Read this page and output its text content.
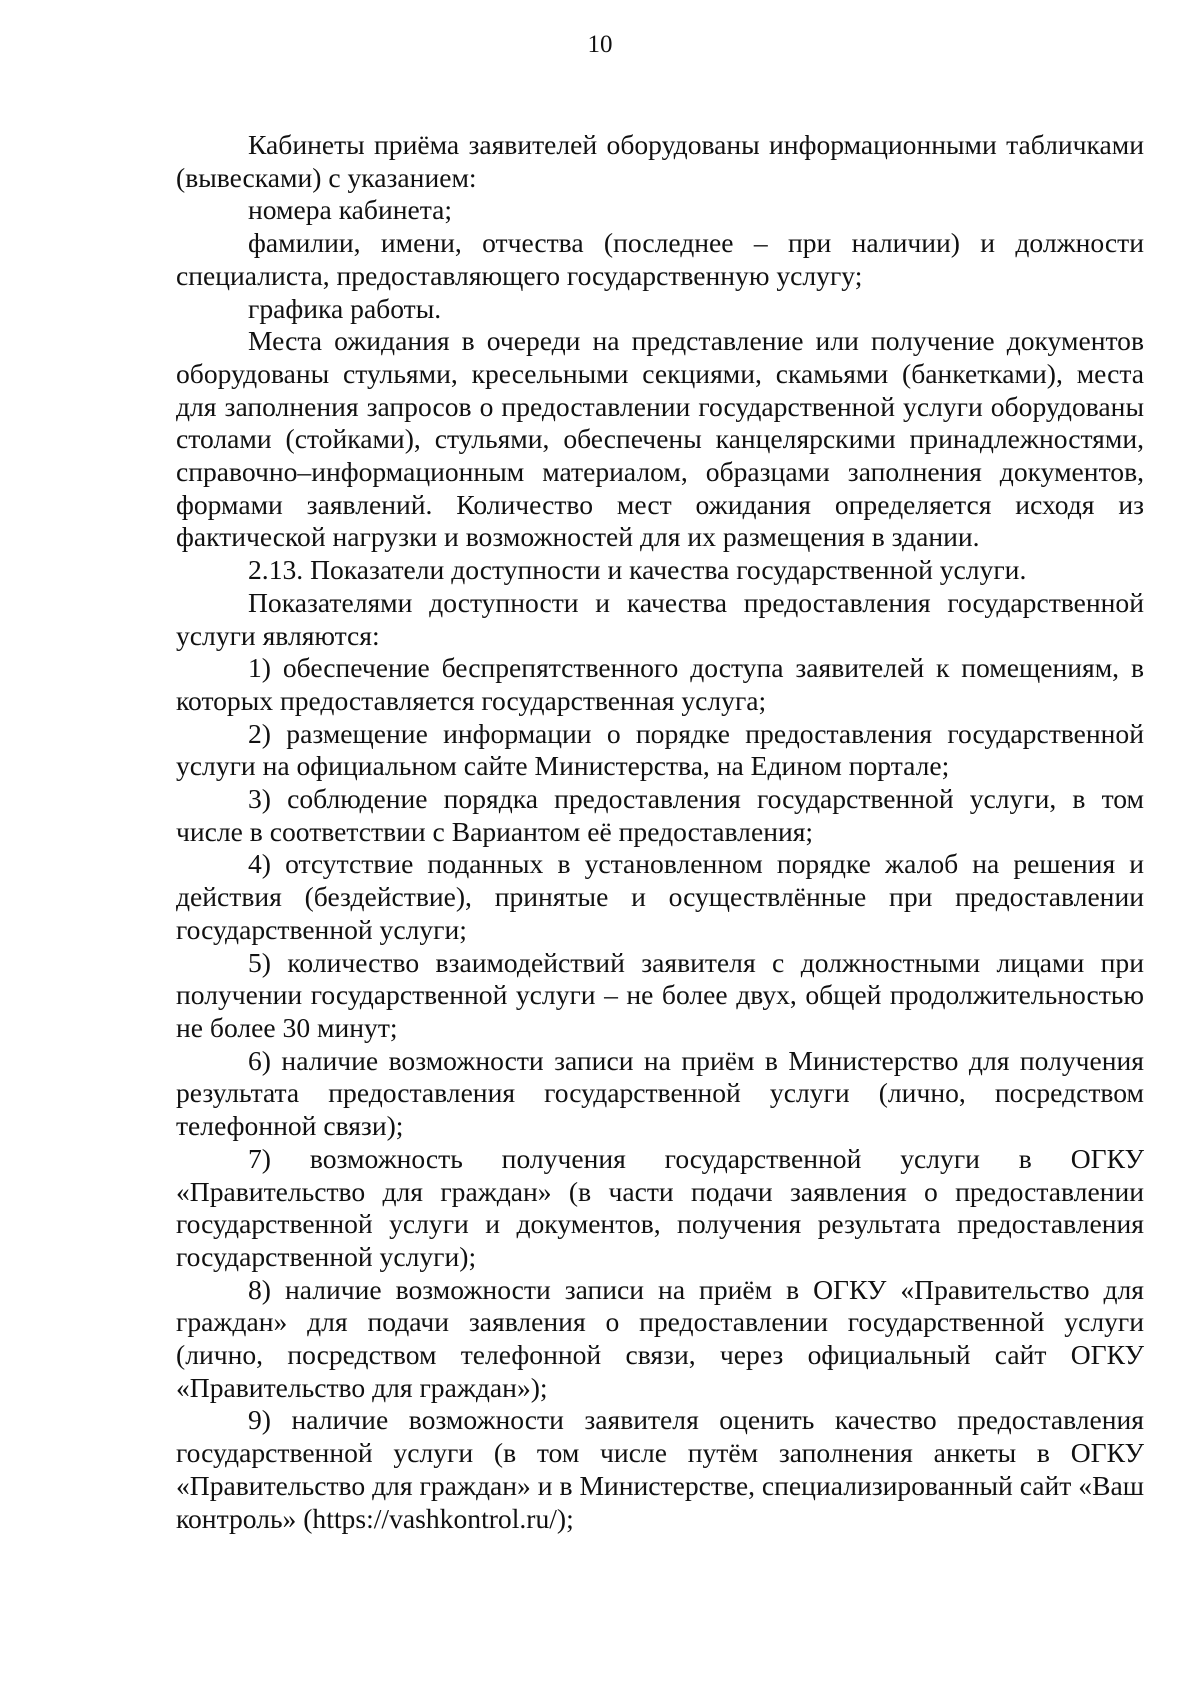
10

Кабинеты приёма заявителей оборудованы информационными табличками (вывесками) с указанием:

номера кабинета;

фамилии, имени, отчества (последнее – при наличии) и должности специалиста, предоставляющего государственную услугу;

графика работы.

Места ожидания в очереди на представление или получение документов оборудованы стульями, кресельными секциями, скамьями (банкетками), места для заполнения запросов о предоставлении государственной услуги оборудованы столами (стойками), стульями, обеспечены канцелярскими принадлежностями, справочно–информационным материалом, образцами заполнения документов, формами заявлений. Количество мест ожидания определяется исходя из фактической нагрузки и возможностей для их размещения в здании.

2.13. Показатели доступности и качества государственной услуги.

Показателями доступности и качества предоставления государственной услуги являются:

1) обеспечение беспрепятственного доступа заявителей к помещениям, в которых предоставляется государственная услуга;

2) размещение информации о порядке предоставления государственной услуги на официальном сайте Министерства, на Едином портале;

3) соблюдение порядка предоставления государственной услуги, в том числе в соответствии с Вариантом её предоставления;

4) отсутствие поданных в установленном порядке жалоб на решения и действия (бездействие), принятые и осуществлённые при предоставлении государственной услуги;

5) количество взаимодействий заявителя с должностными лицами при получении государственной услуги – не более двух, общей продолжительностью не более 30 минут;

6) наличие возможности записи на приём в Министерство для получения результата предоставления государственной услуги (лично, посредством телефонной связи);

7) возможность получения государственной услуги в ОГКУ «Правительство для граждан» (в части подачи заявления о предоставлении государственной услуги и документов, получения результата предоставления государственной услуги);

8) наличие возможности записи на приём в ОГКУ «Правительство для граждан» для подачи заявления о предоставлении государственной услуги (лично, посредством телефонной связи, через официальный сайт ОГКУ «Правительство для граждан»);

9) наличие возможности заявителя оценить качество предоставления государственной услуги (в том числе путём заполнения анкеты в ОГКУ «Правительство для граждан» и в Министерстве, специализированный сайт «Ваш контроль» (https://vashkontrol.ru/);
